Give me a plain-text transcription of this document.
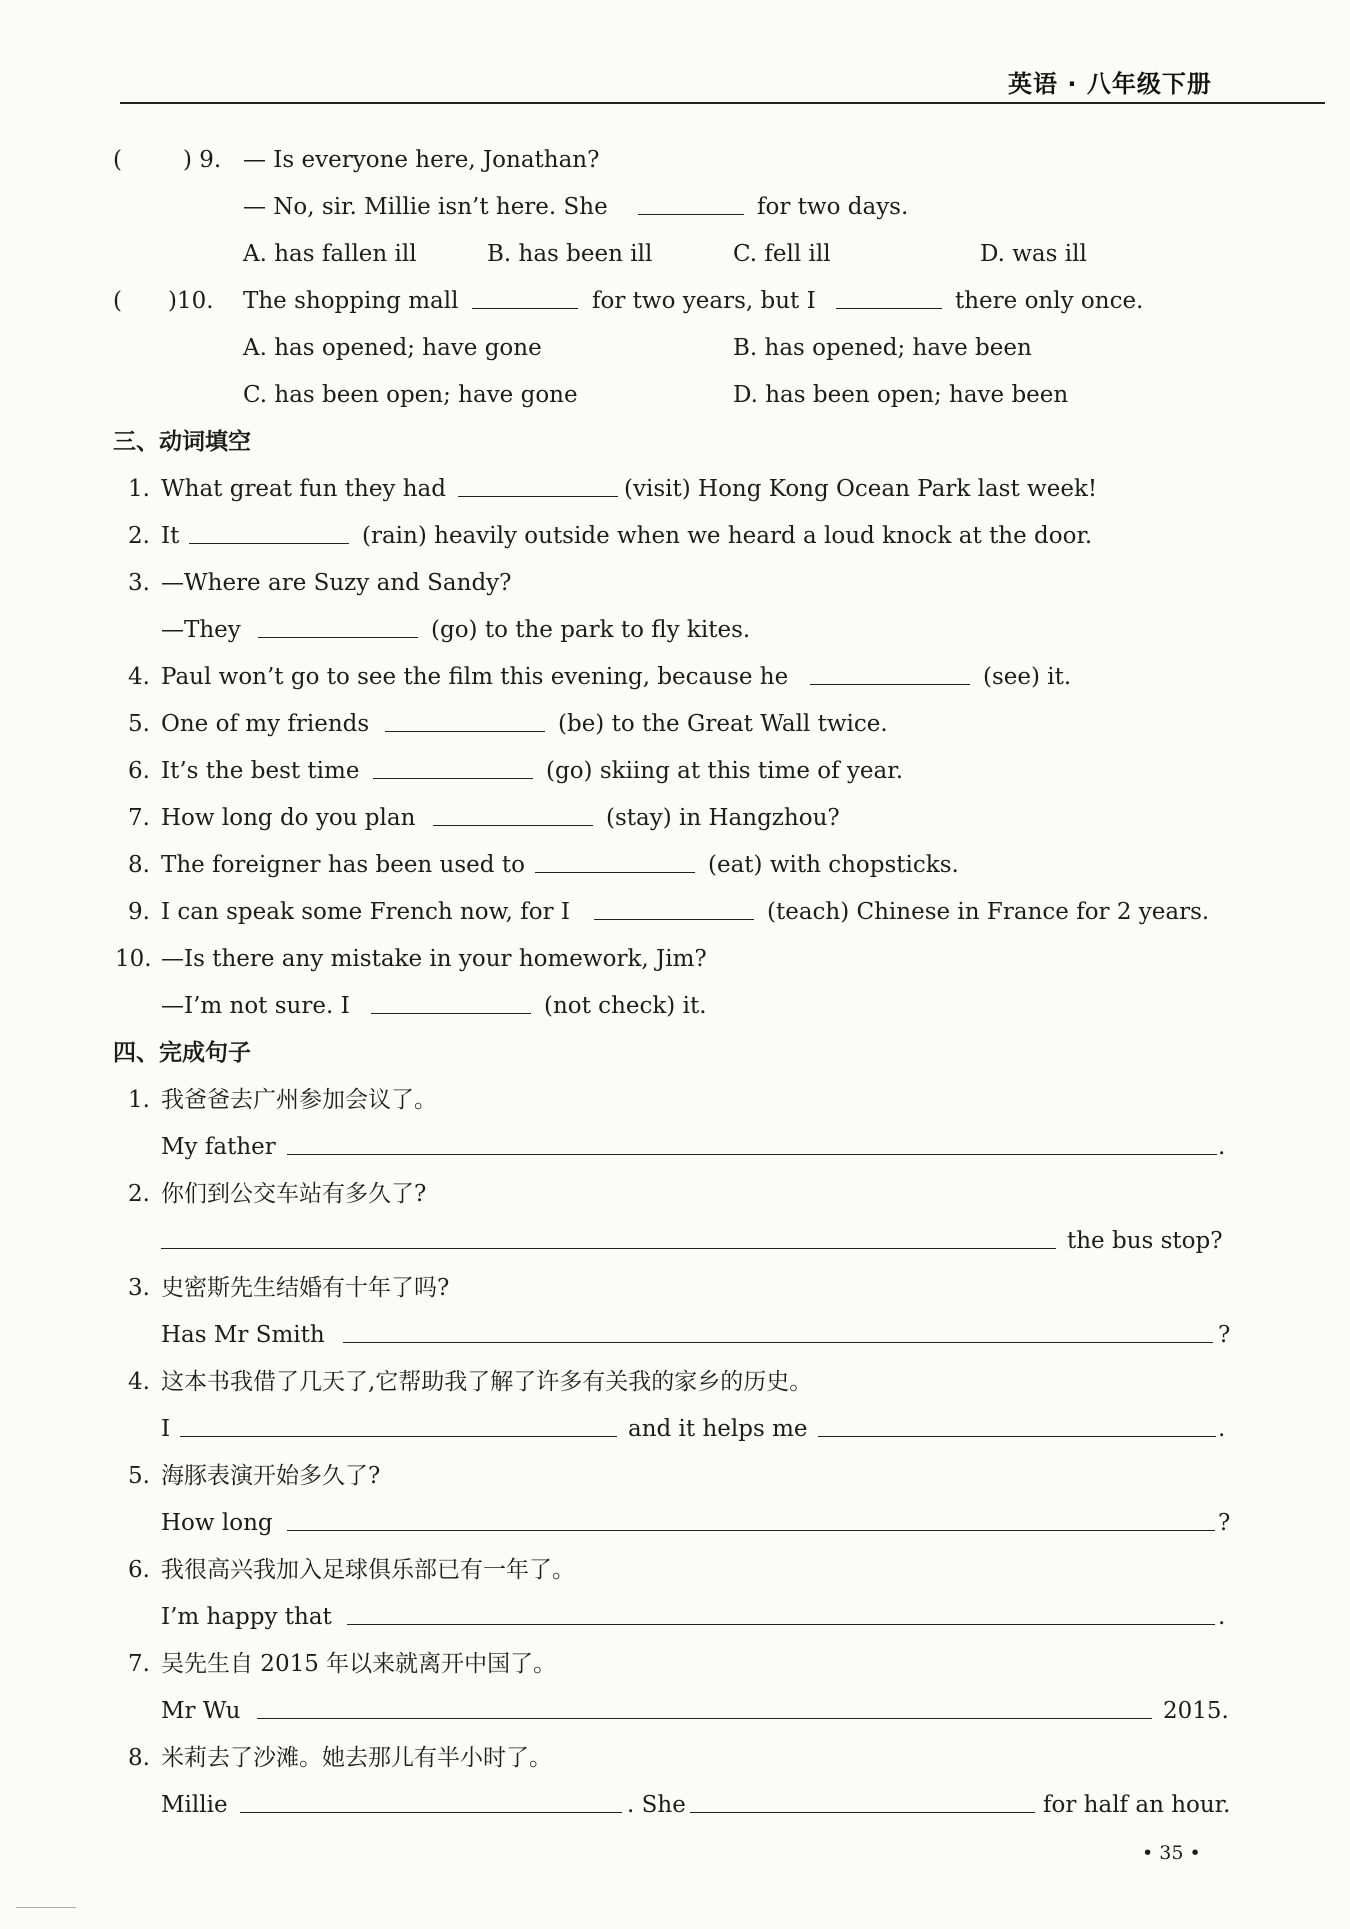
英语 · 八年级下册
(	) 9. — Is everyone here, Jonathan?
— No, sir. Millie isn’t here. She	for two days.
A. has fallen ill	B. has been ill	C. fell ill	D. was ill
( )10. The shopping mall	for two years, but I	there only once.
A. has opened; have gone	B. has opened; have been
C. has been open; have gone	D. has been open; have been
三、动词填空
1. What great fun they had	(visit) Hong Kong Ocean Park last week!
2. It	(rain) heavily outside when we heard a loud knock at the door.
3. —Where are Suzy and Sandy?
—They	(go) to the park to fly kites.
4. Paul won’t go to see the film this evening, because he	(see) it.
5. One of my friends	(be) to the Great Wall twice.
6. It’s the best time	(go) skiing at this time of year.
7. How long do you plan	(stay) in Hangzhou?
8. The foreigner has been used to	(eat) with chopsticks.
9. I can speak some French now, for I	(teach) Chinese in France for 2 years.
10. —Is there any mistake in your homework, Jim?
—I’m not sure. I	(not check) it.
四、完成句子
1. 我爸爸去广州参加会议了。
My father	.
2. 你们到公交车站有多久了?
the bus stop?
3. 史密斯先生结婚有十年了吗?
Has Mr Smith	?
4. 这本书我借了几天了,它帮助我了解了许多有关我的家乡的历史。
I	and it helps me	.
5. 海豚表演开始多久了?
How long	?
6. 我很高兴我加入足球俱乐部已有一年了。
I’m happy that	.
7. 吴先生自 2015 年以来就离开中国了。
Mr Wu	2015.
8. 米莉去了沙滩。她去那儿有半小时了。
Millie	. She	for half an hour.
• 35 •
